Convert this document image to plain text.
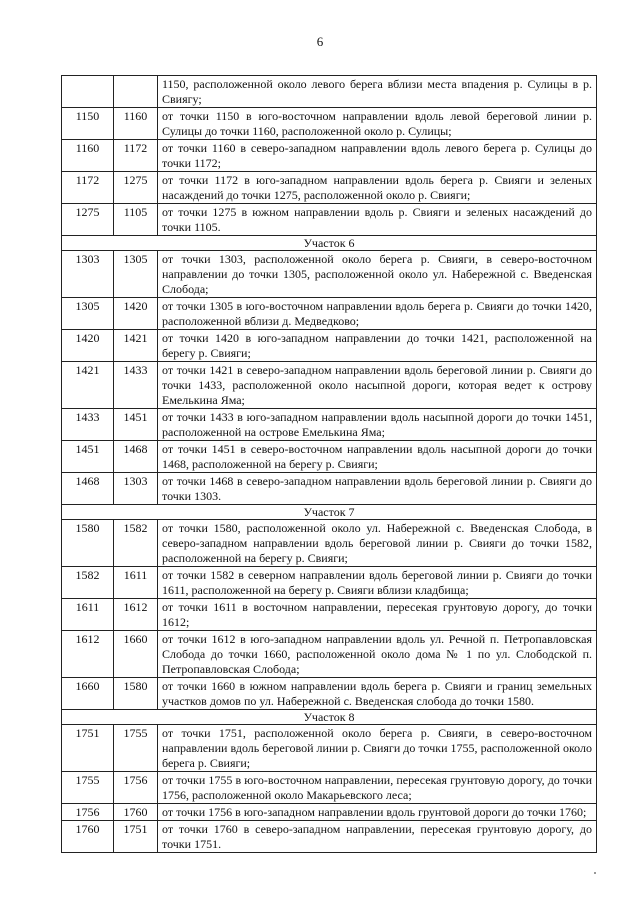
6
		1150, расположенной около левого берега вблизи места впадения р. Сулицы в р. Свиягу;
1150	1160	от точки 1150 в юго-восточном направлении вдоль левой береговой линии р. Сулицы до точки 1160, расположенной около р. Сулицы;
1160	1172	от точки 1160 в северо-западном направлении вдоль левого берега р. Сулицы до точки 1172;
1172	1275	от точки 1172 в юго-западном направлении вдоль берега р. Свияги и зеленых насаждений до точки 1275, расположенной около р. Свияги;
1275	1105	от точки 1275 в южном направлении вдоль р. Свияги и зеленых насаждений до точки 1105.
Участок 6		
1303	1305	от точки 1303, расположенной около берега р. Свияги, в северо-восточном направлении до точки 1305, расположенной около ул. Набережной с. Введенская Слобода;
1305	1420	от точки 1305 в юго-восточном направлении вдоль берега р. Свияги до точки 1420, расположенной вблизи д. Медведково;
1420	1421	от точки 1420 в юго-западном направлении до точки 1421, расположенной на берегу р. Свияги;
1421	1433	от точки 1421 в северо-западном направлении вдоль береговой линии р. Свияги до точки 1433, расположенной около насыпной дороги, которая ведет к острову Емелькина Яма;
1433	1451	от точки 1433 в юго-западном направлении вдоль насыпной дороги до точки 1451, расположенной на острове Емелькина Яма;
1451	1468	от точки 1451 в северо-восточном направлении вдоль насыпной дороги до точки 1468, расположенной на берегу р. Свияги;
1468	1303	от точки 1468 в северо-западном направлении вдоль береговой линии р. Свияги до точки 1303.
Участок 7		
1580	1582	от точки 1580, расположенной около ул. Набережной с. Введенская Слобода, в северо-западном направлении вдоль береговой линии р. Свияги до точки 1582, расположенной на берегу р. Свияги;
1582	1611	от точки 1582 в северном направлении вдоль береговой линии р. Свияги до точки 1611, расположенной на берегу р. Свияги вблизи кладбища;
1611	1612	от точки 1611 в восточном направлении, пересекая грунтовую дорогу, до точки 1612;
1612	1660	от точки 1612 в юго-западном направлении вдоль ул. Речной п. Петропавловская Слобода до точки 1660, расположенной около дома № 1 по ул. Слободской п. Петропавловская Слобода;
1660	1580	от точки 1660 в южном направлении вдоль берега р. Свияги и границ земельных участков домов по ул. Набережной с. Введенская слобода до точки 1580.
Участок 8		
1751	1755	от точки 1751, расположенной около берега р. Свияги, в северо-восточном направлении вдоль береговой линии р. Свияги до точки 1755, расположенной около берега р. Свияги;
1755	1756	от точки 1755 в юго-восточном направлении, пересекая грунтовую дорогу, до точки 1756, расположенной около Макарьевского леса;
1756	1760	от точки 1756 в юго-западном направлении вдоль грунтовой дороги до точки 1760;
1760	1751	от точки 1760 в северо-западном направлении, пересекая грунтовую дорогу, до точки 1751.
